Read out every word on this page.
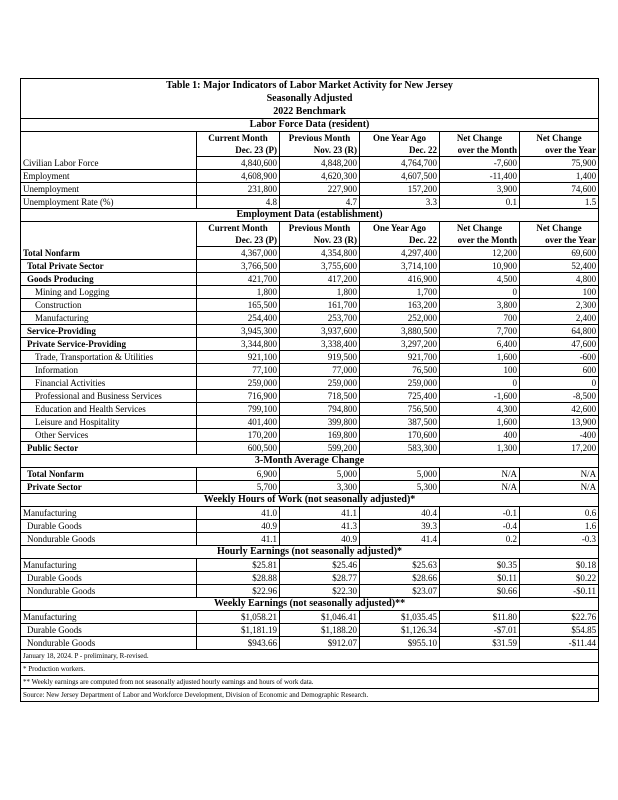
Table 1: Major Indicators of Labor Market Activity for New Jersey					
Seasonally Adjusted					
2022 Benchmark					
Labor Force Data (resident)					
	Current Month	Previous Month	One Year Ago	Net Change	Net Change
	Dec. 23 (P)	Nov. 23 (R)	Dec. 22	over the Month	over the Year
Civilian Labor Force	4,840,600	4,848,200	4,764,700	-7,600	75,900
Employment	4,608,900	4,620,300	4,607,500	-11,400	1,400
Unemployment	231,800	227,900	157,200	3,900	74,600
Unemployment Rate (%)	4.8	4.7	3.3	0.1	1.5
Employment Data (establishment)					
	Current Month	Previous Month	One Year Ago	Net Change	Net Change
	Dec. 23 (P)	Nov. 23 (R)	Dec. 22	over the Month	over the Year
Total Nonfarm	4,367,000	4,354,800	4,297,400	12,200	69,600
Total Private Sector	3,766,500	3,755,600	3,714,100	10,900	52,400
Goods Producing	421,700	417,200	416,900	4,500	4,800
Mining and Logging	1,800	1,800	1,700	0	100
Construction	165,500	161,700	163,200	3,800	2,300
Manufacturing	254,400	253,700	252,000	700	2,400
Service-Providing	3,945,300	3,937,600	3,880,500	7,700	64,800
Private Service-Providing	3,344,800	3,338,400	3,297,200	6,400	47,600
Trade, Transportation & Utilities	921,100	919,500	921,700	1,600	-600
Information	77,100	77,000	76,500	100	600
Financial Activities	259,000	259,000	259,000	0	0
Professional and Business Services	716,900	718,500	725,400	-1,600	-8,500
Education and Health Services	799,100	794,800	756,500	4,300	42,600
Leisure and Hospitality	401,400	399,800	387,500	1,600	13,900
Other Services	170,200	169,800	170,600	400	-400
Public Sector	600,500	599,200	583,300	1,300	17,200
3-Month Average Change					
Total Nonfarm	6,900	5,000	5,000	N/A	N/A
Private Sector	5,700	3,300	5,300	N/A	N/A
Weekly Hours of Work (not seasonally adjusted)*					
Manufacturing	41.0	41.1	40.4	-0.1	0.6
Durable Goods	40.9	41.3	39.3	-0.4	1.6
Nondurable Goods	41.1	40.9	41.4	0.2	-0.3
Hourly Earnings (not seasonally adjusted)*					
Manufacturing	$25.81	$25.46	$25.63	$0.35	$0.18
Durable Goods	$28.88	$28.77	$28.66	$0.11	$0.22
Nondurable Goods	$22.96	$22.30	$23.07	$0.66	-$0.11
Weekly Earnings (not seasonally adjusted)**					
Manufacturing	$1,058.21	$1,046.41	$1,035.45	$11.80	$22.76
Durable Goods	$1,181.19	$1,188.20	$1,126.34	-$7.01	$54.85
Nondurable Goods	$943.66	$912.07	$955.10	$31.59	-$11.44
January 18, 2024. P - preliminary, R-revised.					
* Production workers.					
** Weekly earnings are computed from not seasonally adjusted hourly earnings and hours of work data.					
Source: New Jersey Department of Labor and Workforce Development, Division of Economic and Demographic Research.					
